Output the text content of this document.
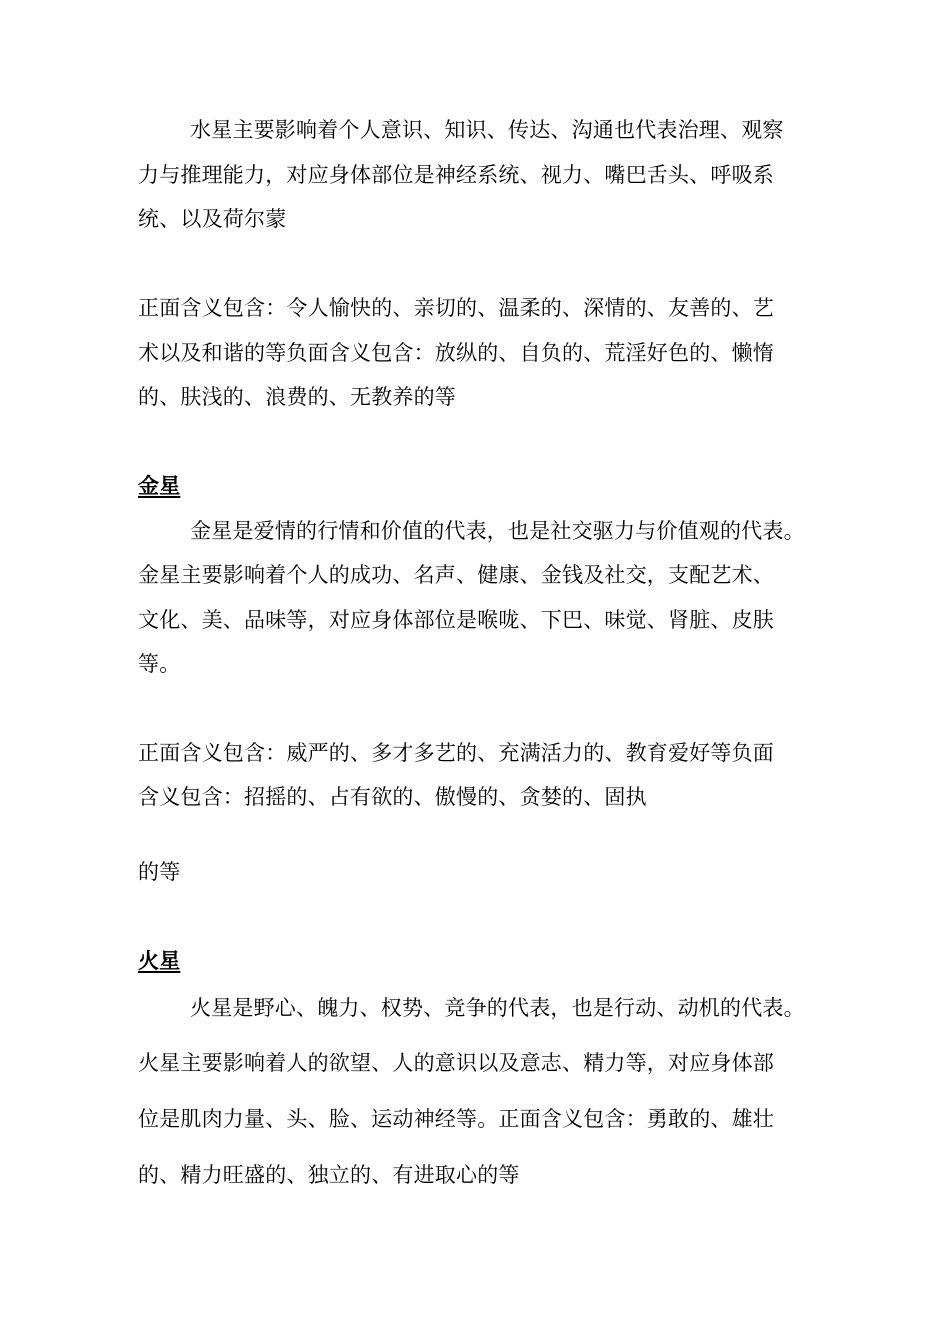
水星主要影响着个人意识、知识、传达、沟通也代表治理、观察
力与推理能力，对应身体部位是神经系统、视力、嘴巴舌头、呼吸系
统、以及荷尔蒙
正面含义包含：令人愉快的、亲切的、温柔的、深情的、友善的、艺
术以及和谐的等负面含义包含：放纵的、自负的、荒淫好色的、懒惰
的、肤浅的、浪费的、无教养的等
金星
金星是爱情的行情和价值的代表，也是社交驱力与价值观的代表。
金星主要影响着个人的成功、名声、健康、金钱及社交，支配艺术、
文化、美、品味等，对应身体部位是喉咙、下巴、味觉、肾脏、皮肤
等。
正面含义包含：威严的、多才多艺的、充满活力的、教育爱好等负面
含义包含：招摇的、占有欲的、傲慢的、贪婪的、固执
的等
火星
火星是野心、魄力、权势、竞争的代表，也是行动、动机的代表。
火星主要影响着人的欲望、人的意识以及意志、精力等，对应身体部
位是肌肉力量、头、脸、运动神经等。正面含义包含：勇敢的、雄壮
的、精力旺盛的、独立的、有进取心的等
